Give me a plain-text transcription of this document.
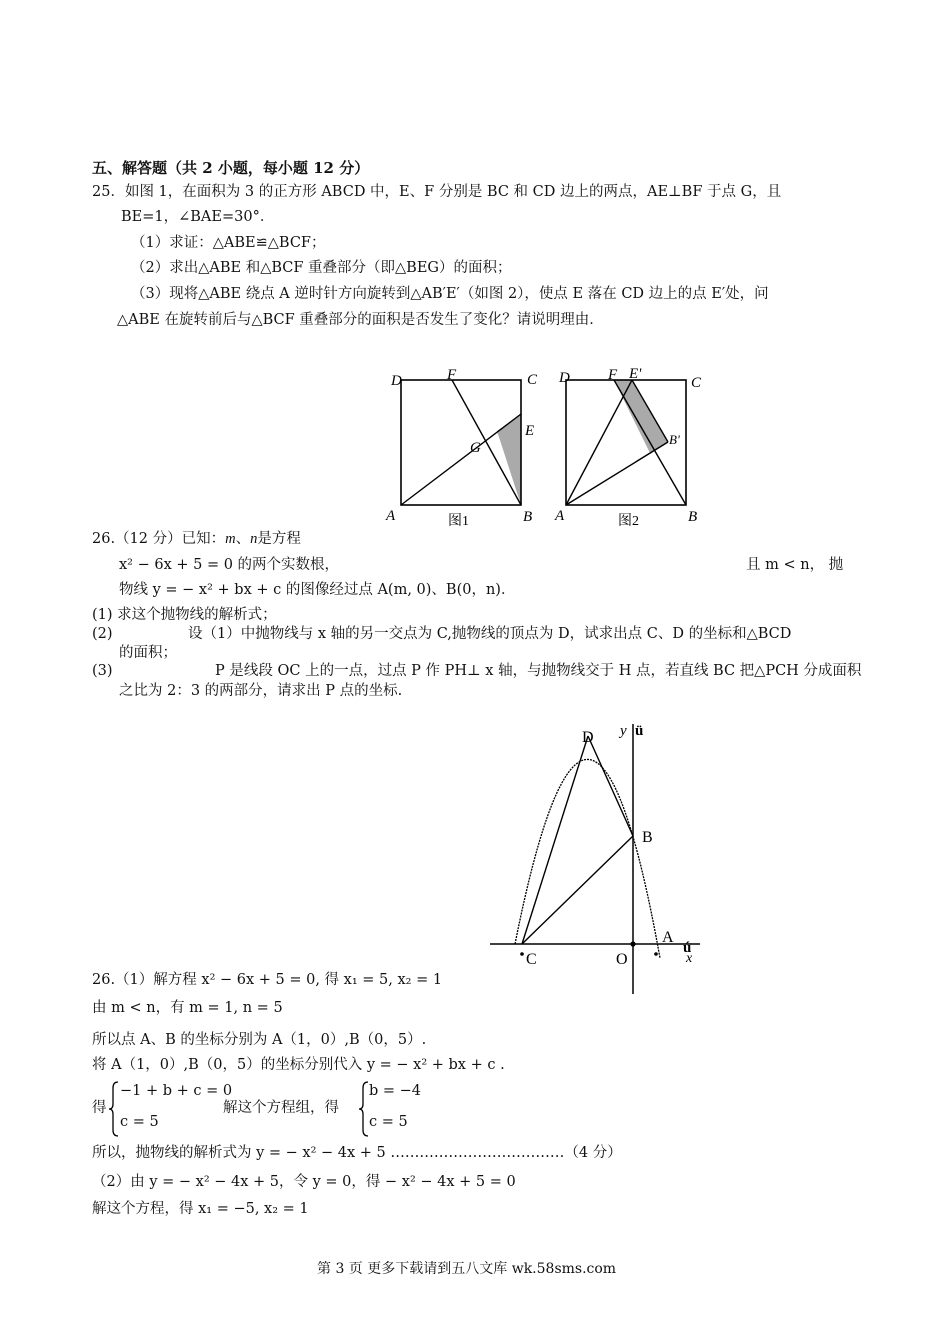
五、解答题（共 2 小题，每小题 12 分）
25．如图 1，在面积为 3 的正方形 ABCD 中，E、F 分别是 BC 和 CD 边上的两点，AE⊥BF 于点 G，且
BE=1，∠BAE=30°．
（1）求证：△ABE≌△BCF；
（2）求出△ABE 和△BCF 重叠部分（即△BEG）的面积；
（3）现将△ABE 绕点 A 逆时针方向旋转到△AB′E′（如图 2），使点 E 落在 CD 边上的点 E′处，问
△ABE 在旋转前后与△BCF 重叠部分的面积是否发生了变化？请说明理由．
D	F	C
E
G
A	B
图1
D	F E'
C
B'
A	B
图2
26.（12 分）已知：m、n是方程
x² − 6x + 5 = 0 的两个实数根，	且 m < n， 抛
物线 y = − x² + bx + c 的图像经过点 A(m, 0)、B(0，n)．
(1) 求这个抛物线的解析式；
(2)	设（1）中抛物线与 x 轴的另一交点为 C,抛物线的顶点为 D，试求出点 C、D 的坐标和△BCD
的面积；
(3)	P 是线段 OC 上的一点，过点 P 作 PH⊥ x 轴，与抛物线交于 H 点，若直线 BC 把△PCH 分成面积
之比为 2：3 的两部分，请求出 P 点的坐标.
y ü
D
B
C	O
A
ú
x
26.（1）解方程 x² − 6x + 5 = 0, 得 x₁ = 5, x₂ = 1
由 m < n，有 m = 1, n = 5
所以点 A、B 的坐标分别为 A（1，0）,B（0，5）.
将 A（1，0）,B（0，5）的坐标分别代入 y = − x² + bx + c .
得
−1 + b + c = 0
c = 5
解这个方程组，得
b = −4
c = 5
所以，抛物线的解析式为 y = − x² − 4x + 5 ………………………………（4 分）
（2）由 y = − x² − 4x + 5，令 y = 0，得 − x² − 4x + 5 = 0
解这个方程，得 x₁ = −5, x₂ = 1
第 3 页 更多下载请到五八文库 wk.58sms.com
